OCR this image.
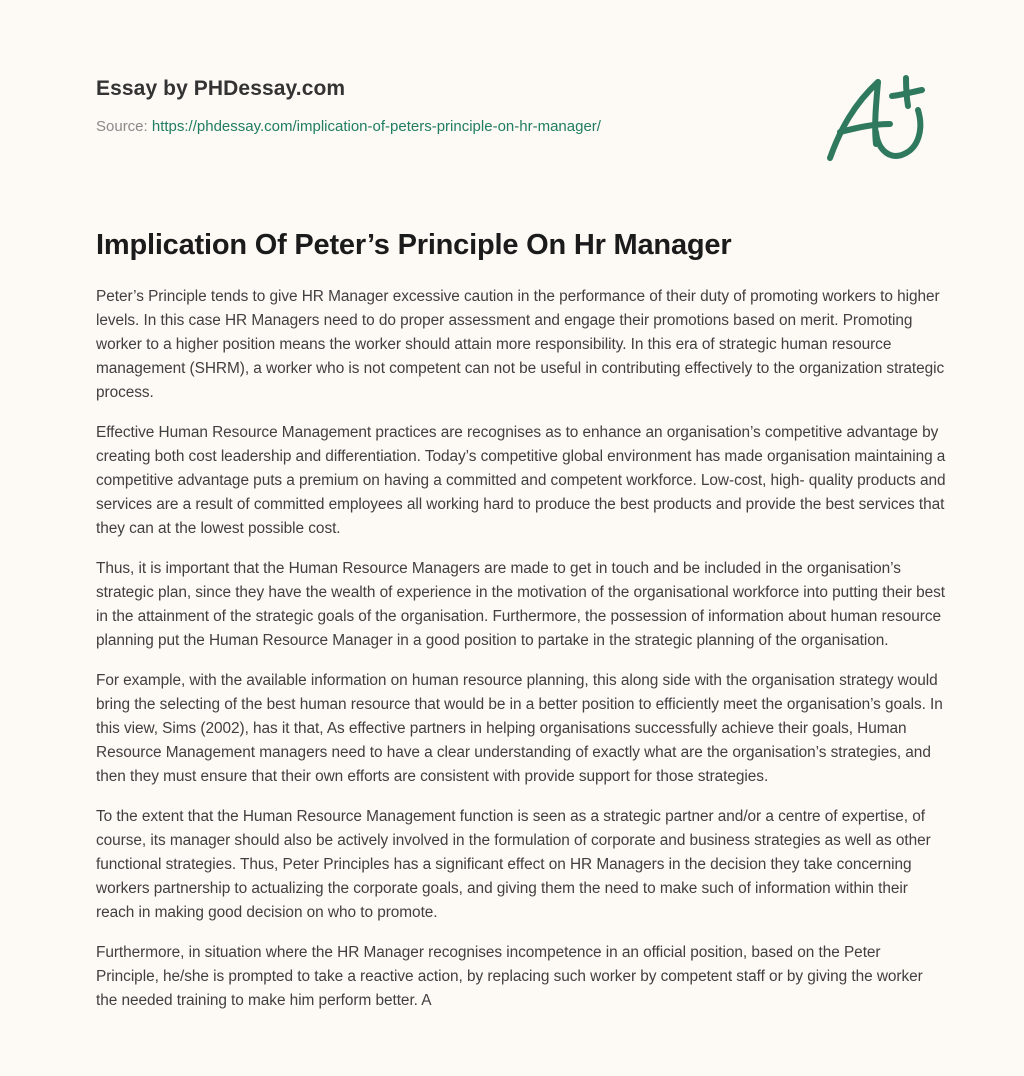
Essay by PHDessay.com
Source: https://phdessay.com/implication-of-peters-principle-on-hr-manager/
Implication Of Peter’s Principle On Hr Manager

Peter’s Principle tends to give HR Manager excessive caution in the performance of their duty of promoting workers to higher levels. In this case HR Managers need to do proper assessment and engage their promotions based on merit. Promoting worker to a higher position means the worker should attain more responsibility. In this era of strategic human resource management (SHRM), a worker who is not competent can not be useful in contributing effectively to the organization strategic process.

Effective Human Resource Management practices are recognises as to enhance an organisation’s competitive advantage by creating both cost leadership and differentiation. Today’s competitive global environment has made organisation maintaining a competitive advantage puts a premium on having a committed and competent workforce. Low-cost, high- quality products and services are a result of committed employees all working hard to produce the best products and provide the best services that they can at the lowest possible cost.

Thus, it is important that the Human Resource Managers are made to get in touch and be included in the organisation’s strategic plan, since they have the wealth of experience in the motivation of the organisational workforce into putting their best in the attainment of the strategic goals of the organisation. Furthermore, the possession of information about human resource planning put the Human Resource Manager in a good position to partake in the strategic planning of the organisation.

For example, with the available information on human resource planning, this along side with the organisation strategy would bring the selecting of the best human resource that would be in a better position to efficiently meet the organisation’s goals. In this view, Sims (2002), has it that, As effective partners in helping organisations successfully achieve their goals, Human Resource Management managers need to have a clear understanding of exactly what are the organisation’s strategies, and then they must ensure that their own efforts are consistent with provide support for those strategies.

To the extent that the Human Resource Management function is seen as a strategic partner and/or a centre of expertise, of course, its manager should also be actively involved in the formulation of corporate and business strategies as well as other functional strategies. Thus, Peter Principles has a significant effect on HR Managers in the decision they take concerning workers partnership to actualizing the corporate goals, and giving them the need to make such of information within their reach in making good decision on who to promote.

Furthermore, in situation where the HR Manager recognises incompetence in an official position, based on the Peter Principle, he/she is prompted to take a reactive action, by replacing such worker by competent staff or by giving the worker the needed training to make him perform better. A
